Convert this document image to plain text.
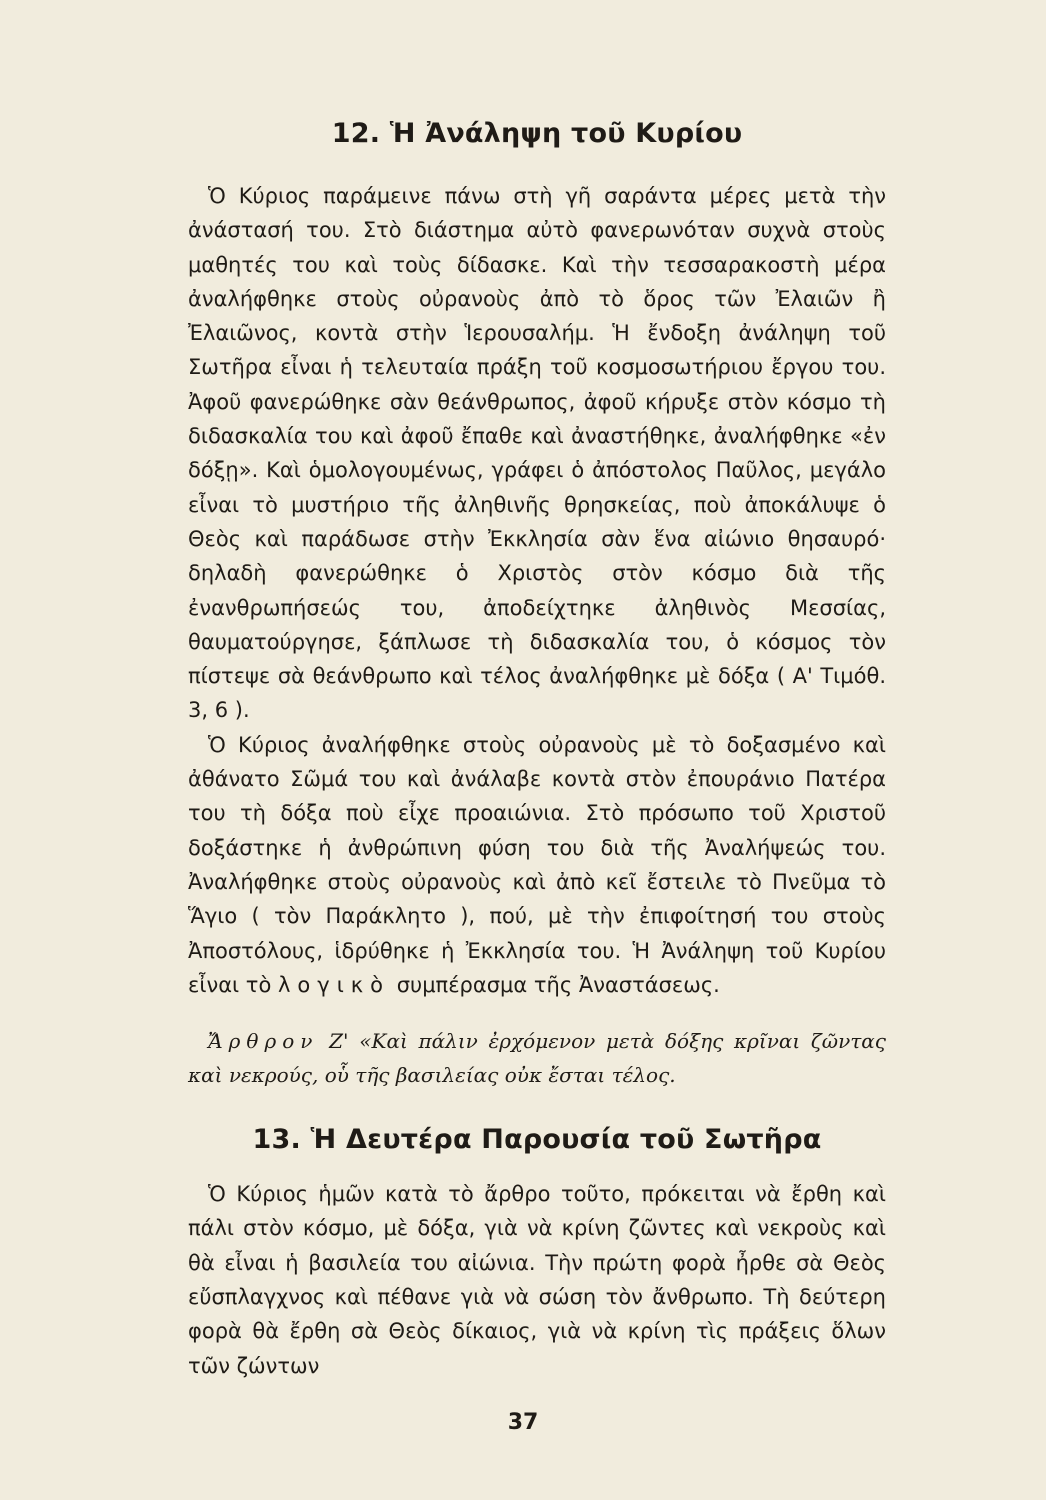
12. Ἡ Ἀνάληψη τοῦ Κυρίου

Ὁ Κύριος παράμεινε πάνω στὴ γῆ σαράντα μέρες μετὰ τὴν ἀνάστασή του. Στὸ διάστημα αὐτὸ φανερωνόταν συχνὰ στοὺς μαθητές του καὶ τοὺς δίδασκε. Καὶ τὴν τεσσαρακοστὴ μέρα ἀναλήφθηκε στοὺς οὐρανοὺς ἀπὸ τὸ ὅρος τῶν Ἐλαιῶν ἢ Ἐλαιῶνος, κοντὰ στὴν Ἱερουσαλήμ. Ἡ ἔνδοξη ἀνάληψη τοῦ Σωτῆρα εἶναι ἡ τελευταία πράξη τοῦ κοσμοσωτήριου ἔργου του. Ἀφοῦ φανερώθηκε σὰν θεάνθρωπος, ἀφοῦ κήρυξε στὸν κόσμο τὴ διδασκαλία του καὶ ἀφοῦ ἔπαθε καὶ ἀναστήθηκε, ἀναλήφθηκε «ἐν δόξῃ». Καὶ ὁμολογουμένως, γράφει ὁ ἀπόστολος Παῦλος, μεγάλο εἶναι τὸ μυστήριο τῆς ἀληθινῆς θρησκείας, ποὺ ἀποκάλυψε ὁ Θεὸς καὶ παράδωσε στὴν Ἐκκλησία σὰν ἕνα αἰώνιο θησαυρό· δηλαδὴ φανερώθηκε ὁ Χριστὸς στὸν κόσμο διὰ τῆς ἐνανθρωπήσεώς του, ἀποδείχτηκε ἀληθινὸς Μεσσίας, θαυματούργησε, ξάπλωσε τὴ διδασκαλία του, ὁ κόσμος τὸν πίστεψε σὰ θεάνθρωπο καὶ τέλος ἀναλήφθηκε μὲ δόξα ( Α' Τιμόθ. 3, 6 ).

Ὁ Κύριος ἀναλήφθηκε στοὺς οὐρανοὺς μὲ τὸ δοξασμένο καὶ ἀθάνατο Σῶμά του καὶ ἀνάλαβε κοντὰ στὸν ἐπουράνιο Πατέρα του τὴ δόξα ποὺ εἶχε προαιώνια. Στὸ πρόσωπο τοῦ Χριστοῦ δοξάστηκε ἡ ἀνθρώπινη φύση του διὰ τῆς Ἀναλήψεώς του. Ἀναλήφθηκε στοὺς οὐρανοὺς καὶ ἀπὸ κεῖ ἔστειλε τὸ Πνεῦμα τὸ Ἅγιο ( τὸν Παράκλητο ), πού, μὲ τὴν ἐπιφοίτησή του στοὺς Ἀποστόλους, ἱδρύθηκε ἡ Ἐκκλησία του. Ἡ Ἀνάληψη τοῦ Κυρίου εἶναι τὸ λογικὸ συμπέρασμα τῆς Ἀναστάσεως.

Ἄρθρον Ζ' «Καὶ πάλιν ἐρχόμενον μετὰ δόξης κρῖναι ζῶντας καὶ νεκρούς, οὗ τῆς βασιλείας οὐκ ἔσται τέλος.

13. Ἡ Δευτέρα Παρουσία τοῦ Σωτῆρα

Ὁ Κύριος ἡμῶν κατὰ τὸ ἄρθρο τοῦτο, πρόκειται νὰ ἔρθη καὶ πάλι στὸν κόσμο, μὲ δόξα, γιὰ νὰ κρίνη ζῶντες καὶ νεκροὺς καὶ θὰ εἶναι ἡ βασιλεία του αἰώνια. Τὴν πρώτη φορὰ ἦρθε σὰ Θεὸς εὔσπλαγχνος καὶ πέθανε γιὰ νὰ σώση τὸν ἄνθρωπο. Τὴ δεύτερη φορὰ θὰ ἔρθη σὰ Θεὸς δίκαιος, γιὰ νὰ κρίνη τὶς πράξεις ὅλων τῶν ζώντων

37
